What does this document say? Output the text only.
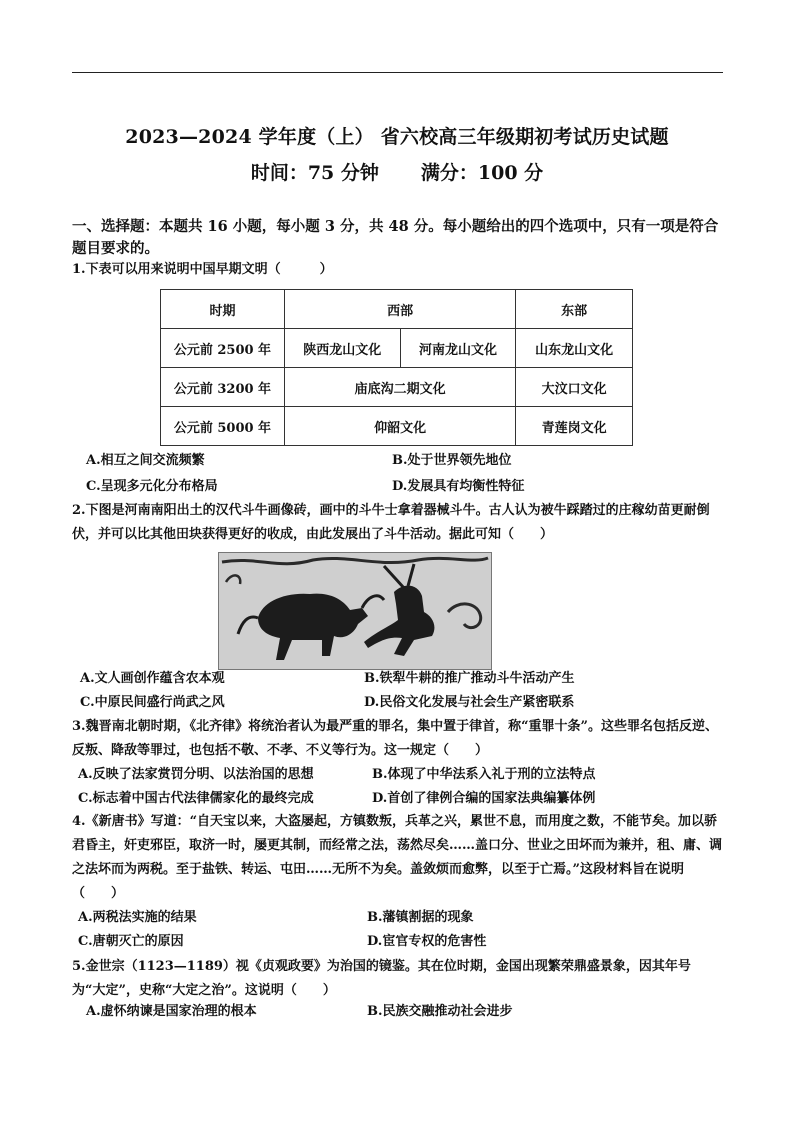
2023—2024 学年度（上） 省六校高三年级期初考试历史试题
时间：75 分钟 满分：100 分
一、选择题：本题共 16 小题，每小题 3 分，共 48 分。每小题给出的四个选项中，只有一项是符合题目要求的。
1.下表可以用来说明中国早期文明（　　　）
时期	西部		东部
公元前 2500 年	陕西龙山文化	河南龙山文化	山东龙山文化
公元前 3200 年	庙底沟二期文化		大汶口文化
公元前 5000 年	仰韶文化		青莲岗文化
A.相互之间交流频繁	B.处于世界领先地位
C.呈现多元化分布格局	D.发展具有均衡性特征
2.下图是河南南阳出土的汉代斗牛画像砖，画中的斗牛士拿着器械斗牛。古人认为被牛踩踏过的庄稼幼苗更耐倒伏，并可以比其他田块获得更好的收成，由此发展出了斗牛活动。据此可知（　　）
A.文人画创作蕴含农本观	B.铁犁牛耕的推广推动斗牛活动产生
C.中原民间盛行尚武之风	D.民俗文化发展与社会生产紧密联系
3.魏晋南北朝时期，《北齐律》将统治者认为最严重的罪名，集中置于律首，称“重罪十条”。这些罪名包括反逆、反叛、降敌等罪过，也包括不敬、不孝、不义等行为。这一规定（　　）
A.反映了法家赏罚分明、以法治国的思想	B.体现了中华法系入礼于刑的立法特点
C.标志着中国古代法律儒家化的最终完成	D.首创了律例合编的国家法典编纂体例
4.《新唐书》写道：“自天宝以来，大盗屡起，方镇数叛，兵革之兴，累世不息，而用度之数，不能节矣。加以骄君昏主，奸吏邪臣，取济一时，屡更其制，而经常之法，荡然尽矣……盖口分、世业之田坏而为兼并，租、庸、调之法坏而为两税。至于盐铁、转运、屯田……无所不为矣。盖敛烦而愈弊，以至于亡焉。”这段材料旨在说明（　　）
A.两税法实施的结果	B.藩镇割据的现象
C.唐朝灭亡的原因	D.宦官专权的危害性
5.金世宗（1123—1189）视《贞观政要》为治国的镜鉴。其在位时期，金国出现繁荣鼎盛景象，因其年号为“大定”，史称“大定之治”。这说明（　　）
A.虚怀纳谏是国家治理的根本	B.民族交融推动社会进步
